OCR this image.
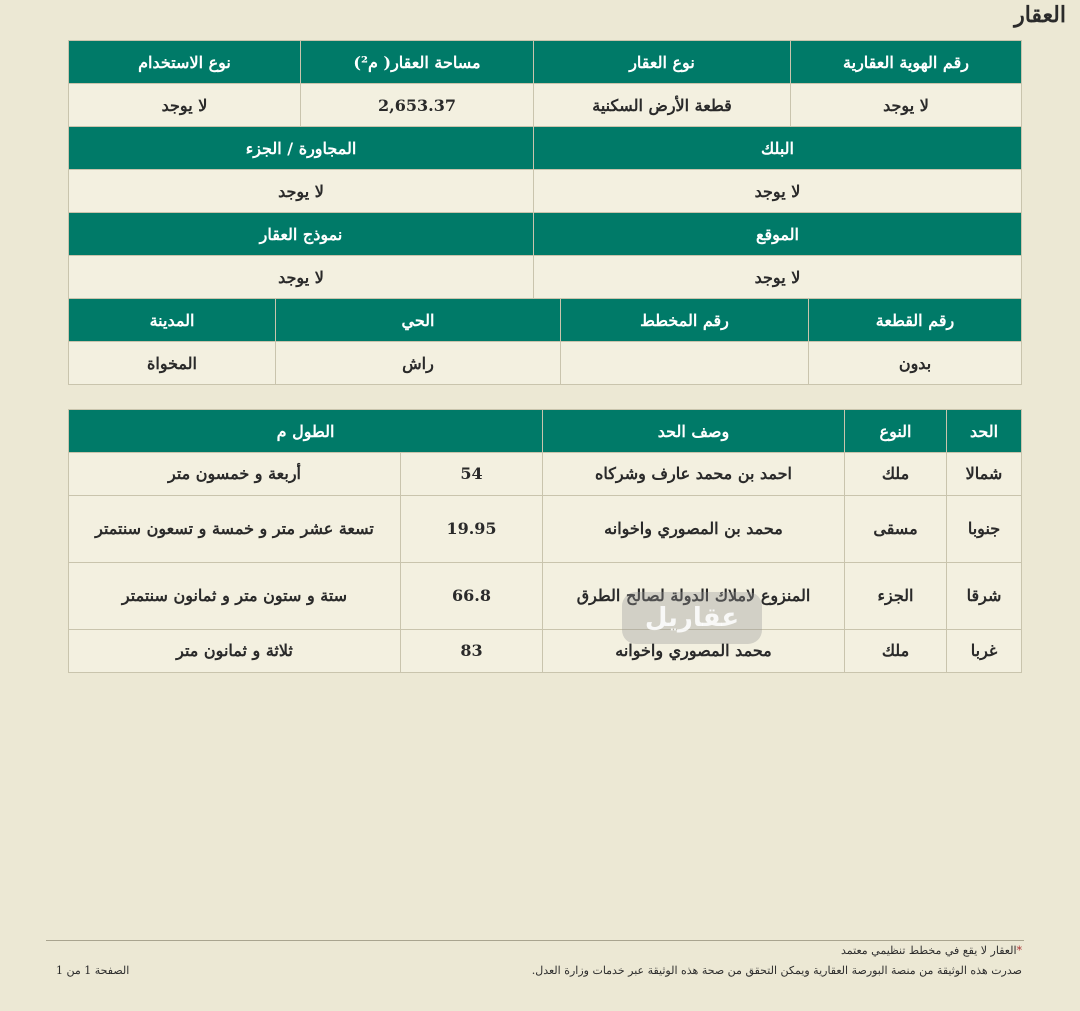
العقار
رقم الهوية العقارية	نوع العقار	مساحة العقار( م²)	نوع الاستخدام
لا يوجد	قطعة الأرض السكنية	2,653.37	لا يوجد
البلك		المجاورة / الجزء	
لا يوجد		لا يوجد	
الموقع		نموذج العقار	
لا يوجد		لا يوجد	
رقم القطعة	رقم المخطط	الحي	المدينة
بدون		راش	المخواة
الحد	النوع	وصف الحد	الطول م	
شمالا	ملك	احمد بن محمد عارف وشركاه	54	أربعة و خمسون متر
جنوبا	مسقى	محمد بن المصوري واخوانه	19.95	تسعة عشر متر و خمسة و تسعون سنتمتر
شرقا	الجزء	المنزوع لاملاك الدولة لصالح الطرق	66.8	ستة و ستون متر و ثمانون سنتمتر
غربا	ملك	محمد المصوري واخوانه	83	ثلاثة و ثمانون متر
عقاريل
*العقار لا يقع في مخطط تنظيمي معتمد
صدرت هذه الوثيقة من منصة البورصة العقارية ويمكن التحقق من صحة هذه الوثيقة عبر خدمات وزارة العدل.
الصفحة 1 من 1
